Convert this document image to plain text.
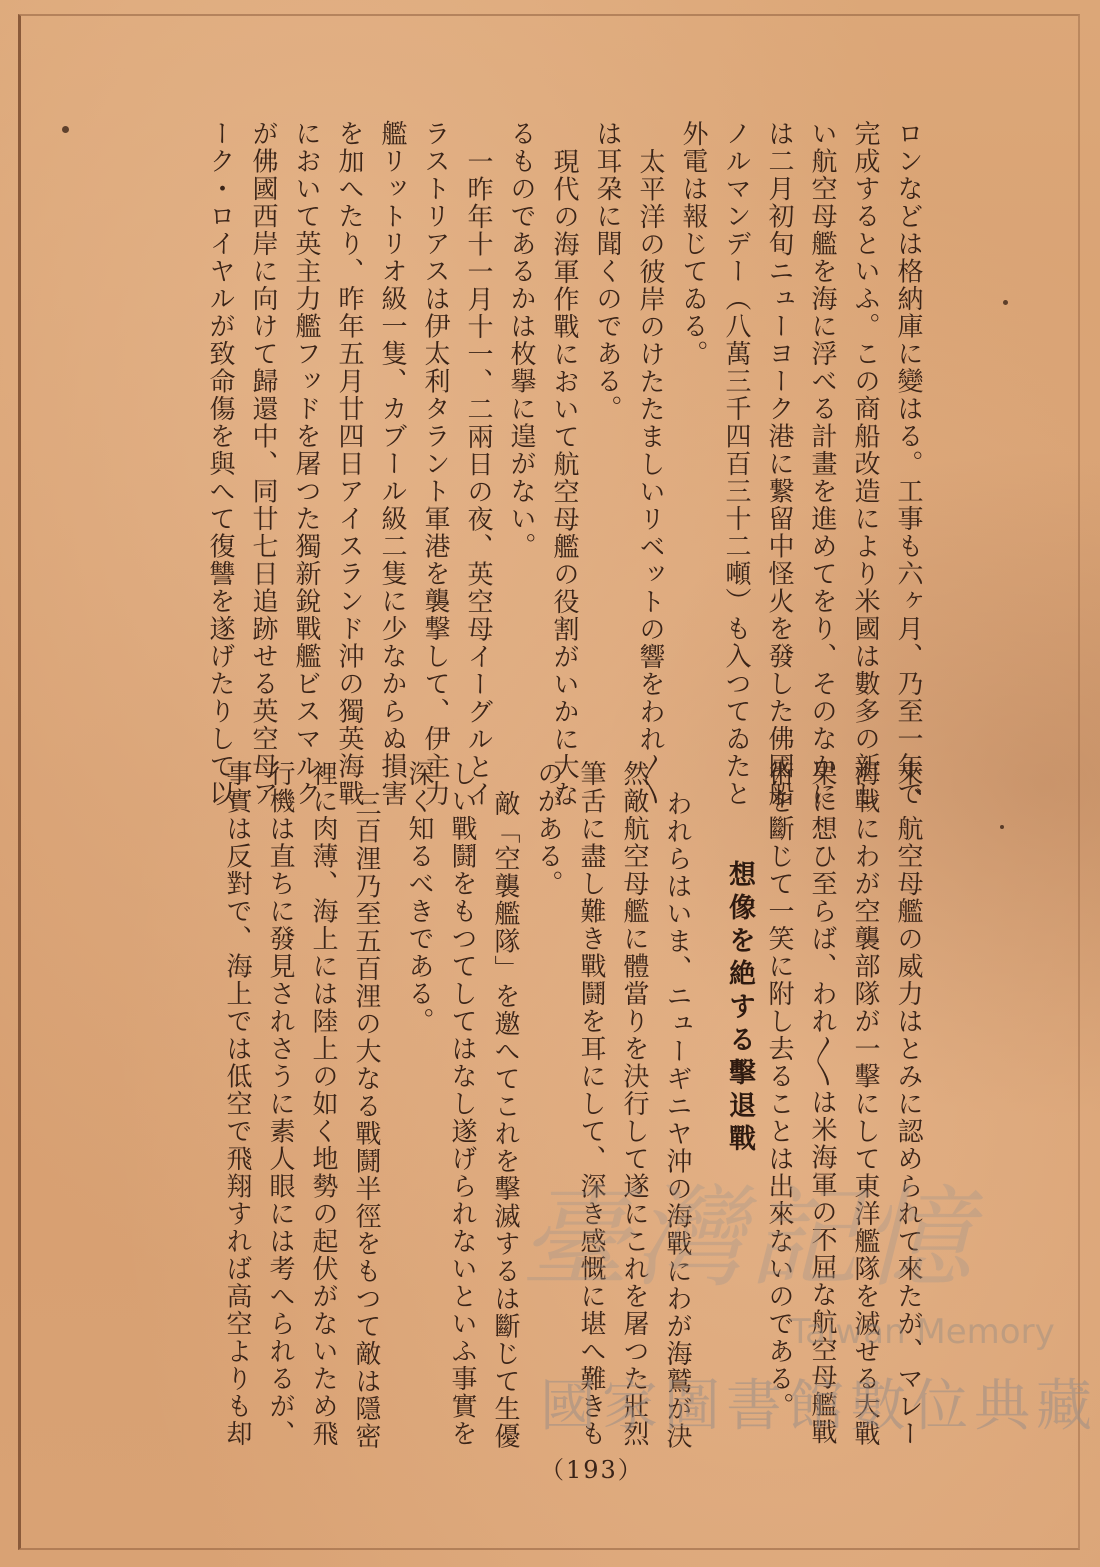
ロンなどは格納庫に變はる。工事も六ヶ月、乃至一年で
完成するといふ。この商船改造により米國は數多の新し
い航空母艦を海に浮べる計畫を進めてをり、そのなかに
は二月初旬ニューヨーク港に繋留中怪火を發した佛國船
ノルマンデー（八萬三千四百三十二噸）も入つてゐたと
外電は報じてゐる。
太平洋の彼岸のけたたましいリベットの響をわれ〳〵
は耳朶に聞くのである。
現代の海軍作戰において航空母艦の役割がいかに大な
るものであるかは枚擧に遑がない。
一昨年十一月十一、二兩日の夜、英空母イーグルとイ
ラストリアスは伊太利タラント軍港を襲撃して、伊主力
艦リットリオ級一隻、カブール級二隻に少なからぬ損害
を加へたり、昨年五月廿四日アイスランド沖の獨英海戰
において英主力艦フッドを屠つた獨新銳戰艦ビスマルク
が佛國西岸に向けて歸還中、同廿七日追跡せる英空母ア
ーク・ロイヤルが致命傷を與へて復讐を遂げたりして以
來、航空母艦の威力はとみに認められて來たが、マレー
海戰にわが空襲部隊が一擊にして東洋艦隊を滅せる大戰
果に想ひ至らば、われ〳〵は米海軍の不屈な航空母艦戰
術を斷じて一笑に附し去ることは出來ないのである。
想像を絶する擊退戰
われらはいま、ニューギニヤ沖の海戰にわが海鷲が決
然敵航空母艦に體當りを決行して遂にこれを屠つた壯烈
筆舌に盡し難き戰鬪を耳にして、深き感慨に堪へ難きも
のがある。
敵「空襲艦隊」を邀へてこれを擊滅するは斷じて生優
しい戰鬪をもつてしてはなし遂げられないといふ事實を
深く知るべきである。
三百浬乃至五百浬の大なる戰鬪半徑をもつて敵は隱密
裡に肉薄、海上には陸上の如く地勢の起伏がないため飛
行機は直ちに發見されさうに素人眼には考へられるが、
事實は反對で、海上では低空で飛翔すれば高空よりも却 臺灣記憶
Taiwan Memory
國家圖書館數位典藏
（193）
